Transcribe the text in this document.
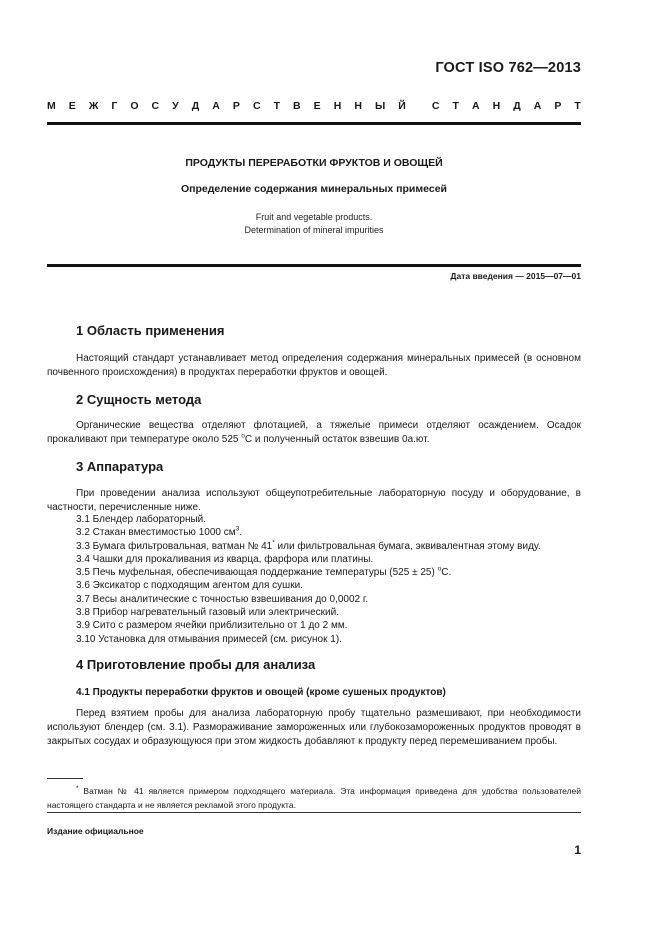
ГОСТ ISO 762—2013
М Е Ж Г О С У Д А Р С Т В Е Н Н Ы Й С Т А Н Д А Р Т
ПРОДУКТЫ ПЕРЕРАБОТКИ ФРУКТОВ И ОВОЩЕЙ
Определение содержания минеральных примесей
Fruit and vegetable products.
Determination of mineral impurities
Дата введения — 2015—07—01
1 Область применения
Настоящий стандарт устанавливает метод определения содержания минеральных примесей (в основном почвенного происхождения) в продуктах переработки фруктов и овощей.
2 Сущность метода
Органические вещества отделяют флотацией, а тяжелые примеси отделяют осаждением. Осадок прокаливают при температуре около 525 $^о$С и полученный остаток взвешив 0а.ют.
3 Аппаратура
При проведении анализа используют общеупотребительные лабораторную посуду и оборудование, в частности, перечисленные ниже.
3.1 Блендер лабораторный.
3.2 Стакан вместимостью 1000 $см^3$.
3.3 Бумага фильтровальная, ватман № 41* или фильтровальная бумага, эквивалентная этому виду.
3.4 Чашки для прокаливания из кварца, фарфора или платины.
3.5 Печь муфельная, обеспечивающая поддержание температуры (525 ± 25) $^о$С.
3.6 Эксикатор с подходящим агентом для сушки.
3.7 Весы аналитические с точностью взвешивания до 0,0002 г.
3.8 Прибор нагревательный газовый или электрический.
3.9 Сито с размером ячейки приблизительно от 1 до 2 мм.
3.10 Установка для отмывания примесей (см. рисунок 1).
4 Приготовление пробы для анализа
4.1 Продукты переработки фруктов и овощей (кроме сушеных продуктов)
Перед взятием пробы для анализа лабораторную пробу тщательно размешивают, при необходимости используют блендер (см. 3.1). Размораживание замороженных или глубокозамороженных продуктов проводят в закрытых сосудах и образующуюся при этом жидкость добавляют к продукту перед перемешиванием пробы.
* Ватман № 41 является примером подходящего материала. Эта информация приведена для удобства пользователей настоящего стандарта и не является рекламой этого продукта.
Издание официальное
1
